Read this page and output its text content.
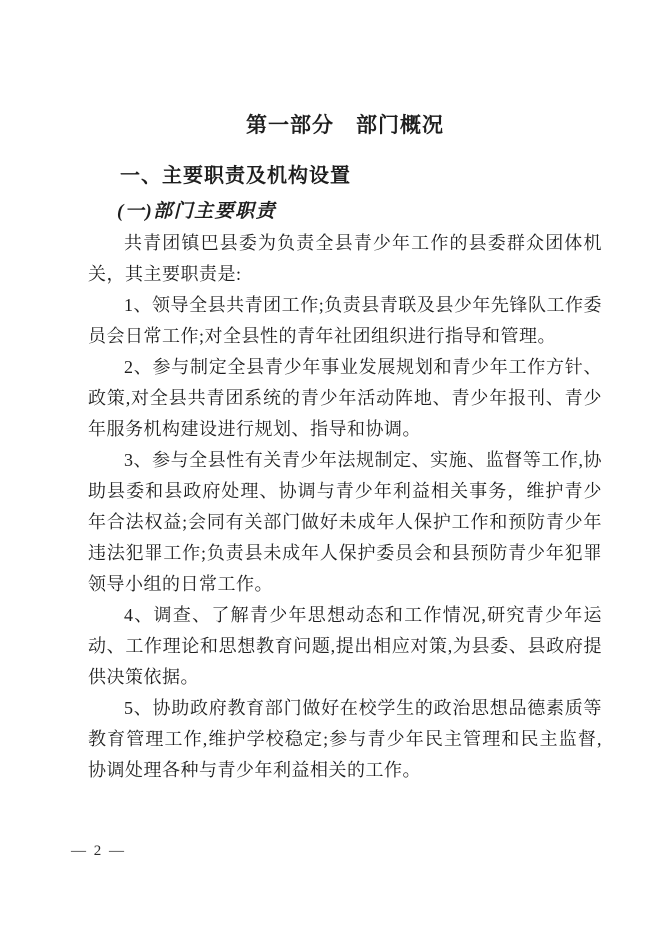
第一部分　部门概况
一、主要职责及机构设置
(一)部门主要职责

共青团镇巴县委为负责全县青少年工作的县委群众团体机关，其主要职责是:

1、领导全县共青团工作;负责县青联及县少年先锋队工作委员会日常工作;对全县性的青年社团组织进行指导和管理。

2、参与制定全县青少年事业发展规划和青少年工作方针、政策,对全县共青团系统的青少年活动阵地、青少年报刊、青少年服务机构建设进行规划、指导和协调。

3、参与全县性有关青少年法规制定、实施、监督等工作,协助县委和县政府处理、协调与青少年利益相关事务，维护青少年合法权益;会同有关部门做好未成年人保护工作和预防青少年违法犯罪工作;负责县未成年人保护委员会和县预防青少年犯罪领导小组的日常工作。

4、调查、了解青少年思想动态和工作情况,研究青少年运动、工作理论和思想教育问题,提出相应对策,为县委、县政府提供决策依据。

5、协助政府教育部门做好在校学生的政治思想品德素质等教育管理工作,维护学校稳定;参与青少年民主管理和民主监督,协调处理各种与青少年利益相关的工作。

— 2 —
